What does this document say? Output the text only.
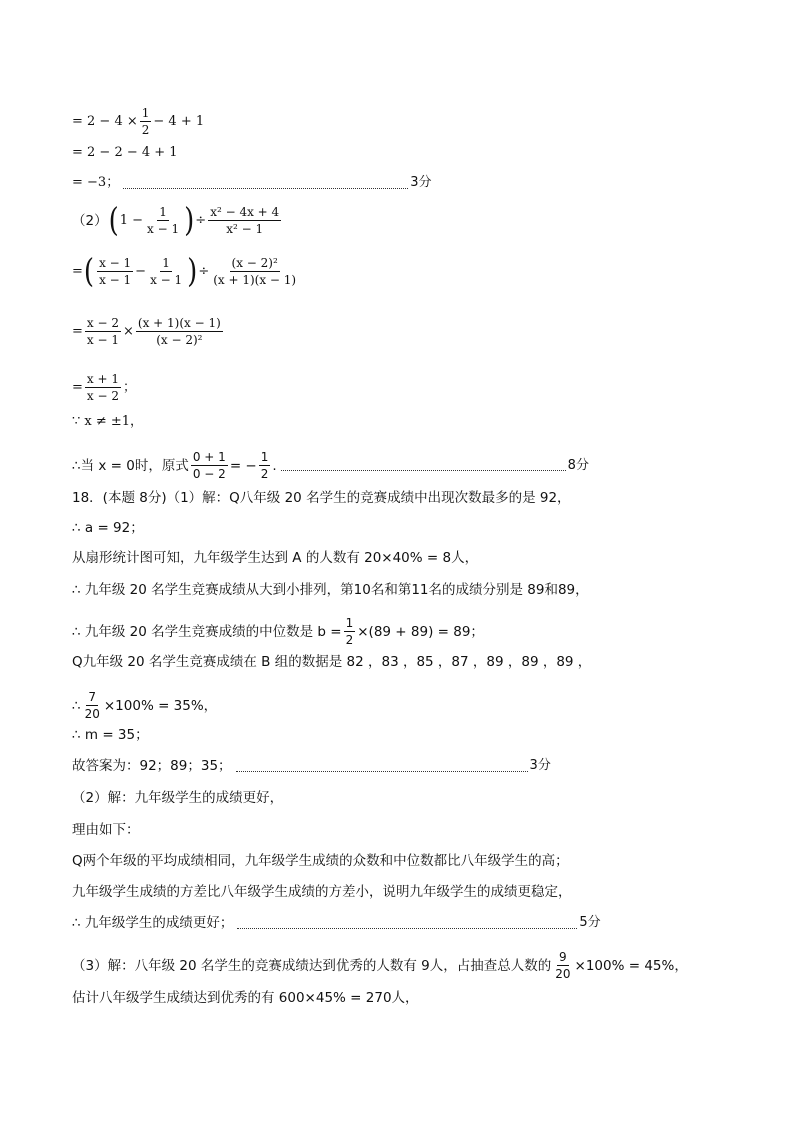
= $2 - 4 \times \frac{1}{2} - 4 + 1$
= 2 − 2 − 4 + 1
= −3；	3分
（2） ( $1 - \frac{1}{x - 1}$ ) ÷ $\frac{\text{x² − 4x + 4}}{\text{x² − 1}}$
= ( $\frac{x - 1}{x - 1} - \frac{1}{x - 1}$ ) ÷ $\frac{\text{(x − 2)²}}{(x + 1)(x - 1)}$
= $\frac{x - 2}{x - 1} \times \frac{(x + 1)(x - 1)}{\text{(x − 2)²}}$
= $\frac{x + 1}{x - 2}$ ；
∵ x ≠ ±1，
∴当 x = 0时，原式 $\frac{0 + 1}{0 - 2}$ = − $\frac{1}{2}$ .	8分
18．(本题 8分)（1）解：Q八年级 20 名学生的竞赛成绩中出现次数最多的是 92，
∴ a = 92；
从扇形统计图可知，九年级学生达到 A 的人数有 20×40% = 8人，
∴ 九年级 20 名学生竞赛成绩从大到小排列，第10名和第11名的成绩分别是 89和89，
∴ 九年级 20 名学生竞赛成绩的中位数是 $b = \frac{1}{2} \times(89 + 89) = 89$；
Q九年级 20 名学生竞赛成绩在 B 组的数据是 82 ，83 ，85 ，87 ，89 ，89 ，89 ，
∴ $\frac{7}{20} \times 100\% = 35\%$，
∴ m = 35；
故答案为：92；89；35；	3分
（2）解：九年级学生的成绩更好，
理由如下：
Q两个年级的平均成绩相同，九年级学生成绩的众数和中位数都比八年级学生的高；
九年级学生成绩的方差比八年级学生成绩的方差小，说明九年级学生的成绩更稳定，
∴ 九年级学生的成绩更好；	5分
（3）解：八年级 20 名学生的竞赛成绩达到优秀的人数有 9人，占抽查总人数的 $\frac{9}{20} \times 100\% = 45\%$，
估计八年级学生成绩达到优秀的有 600×45% = 270人，
